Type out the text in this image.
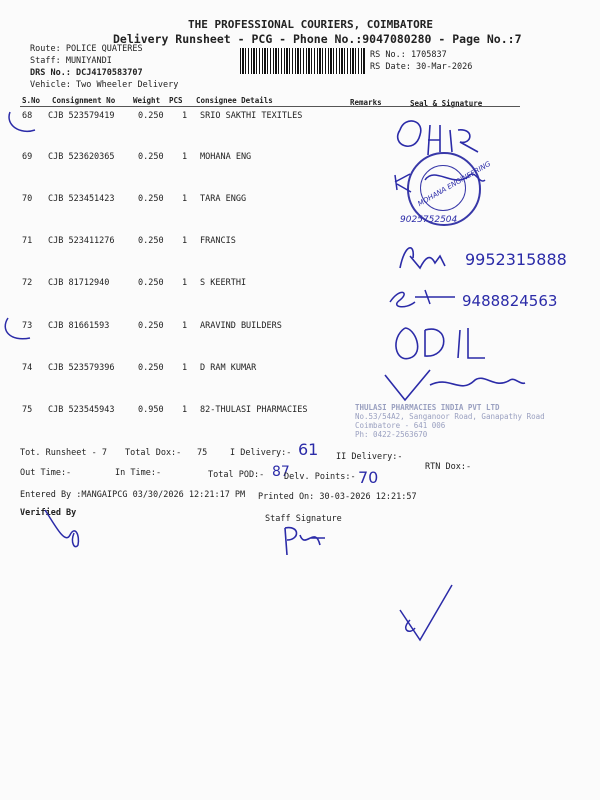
THE PROFESSIONAL COURIERS, COIMBATORE
Delivery Runsheet - PCG - Phone No.:9047080280 - Page No.:7
Route: POLICE QUATERES
Staff: MUNIYANDI
DRS No.: DCJ4170583707
Vehicle: Two Wheeler Delivery
RS No.: 1705837
RS Date: 30-Mar-2026
S.No Consignment No Weight PCS Consignee Details	Remarks	Seal & Signature
68 CJB 523579419	0.250 1 SRIO SAKTHI TEXITLES
69 CJB 523620365	0.250 1 MOHANA ENG
70 CJB 523451423	0.250 1 TARA ENGG
71 CJB 523411276	0.250 1 FRANCIS
72 CJB 81712940	0.250 1 S KEERTHI
73 CJB 81661593	0.250 1 ARAVIND BUILDERS
74 CJB 523579396	0.250 1 D RAM KUMAR
75 CJB 523545943	0.950 1 82-THULASI PHARMACIES
MOHANA ENGINEERING
9025752504
9952315888
9488824563
THULASI PHARMACIES INDIA PVT LTD
No.53/54A2, Sanganoor Road, Ganapathy Road
Coimbatore - 641 006
Ph: 0422-2563670
Tot. Runsheet - 7 Total Dox:- 75	I Delivery:- 61 II Delivery:-
Out Time:-	In Time:-	Total POD:- 87
Delv. Points:- 70
RTN Dox:-
Entered By :MANGAIPCG 03/30/2026 12:21:17 PM Printed On: 30-03-2026 12:21:57
Verified By
Staff Signature
